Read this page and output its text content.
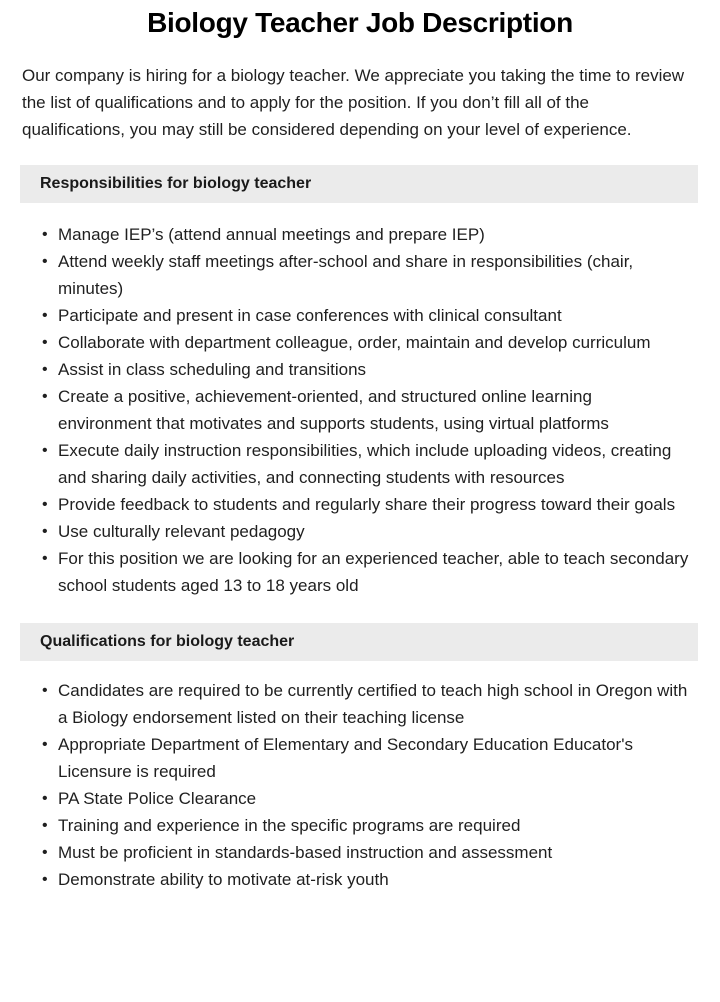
Biology Teacher Job Description

Our company is hiring for a biology teacher. We appreciate you taking the time to review the list of qualifications and to apply for the position. If you don’t fill all of the qualifications, you may still be considered depending on your level of experience.

Responsibilities for biology teacher
• Manage IEP’s (attend annual meetings and prepare IEP)
• Attend weekly staff meetings after-school and share in responsibilities (chair, minutes)
• Participate and present in case conferences with clinical consultant
• Collaborate with department colleague, order, maintain and develop curriculum
• Assist in class scheduling and transitions
• Create a positive, achievement-oriented, and structured online learning environment that motivates and supports students, using virtual platforms
• Execute daily instruction responsibilities, which include uploading videos, creating and sharing daily activities, and connecting students with resources
• Provide feedback to students and regularly share their progress toward their goals
• Use culturally relevant pedagogy
• For this position we are looking for an experienced teacher, able to teach secondary school students aged 13 to 18 years old
Qualifications for biology teacher
• Candidates are required to be currently certified to teach high school in Oregon with a Biology endorsement listed on their teaching license
• Appropriate Department of Elementary and Secondary Education Educator's Licensure is required
• PA State Police Clearance
• Training and experience in the specific programs are required
• Must be proficient in standards-based instruction and assessment
• Demonstrate ability to motivate at-risk youth
